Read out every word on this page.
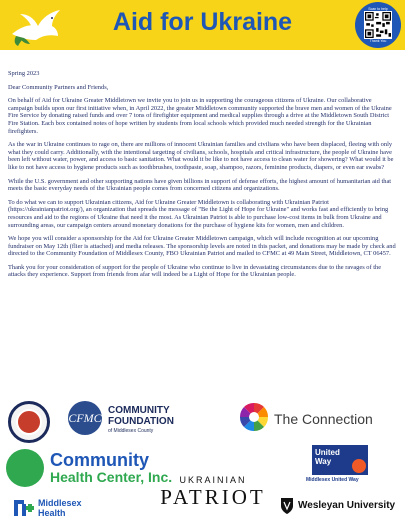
Aid for Ukraine	Scan to help
Thank You

Spring 2023

Dear Community Partners and Friends,

On behalf of Aid for Ukraine Greater Middletown we invite you to join us in supporting the courageous citizens of Ukraine. Our collaborative campaign builds upon our first initiative when, in April 2022, the greater Middletown community supported the brave men and women of the Ukraine Fire Service by donating raised funds and over 7 tons of firefighter equipment and medical supplies through a drive at the Middletown South District Fire Station. Each box contained notes of hope written by students from local schools which provided much needed strength for the Ukrainian firefighters.

As the war in Ukraine continues to rage on, there are millions of innocent Ukrainian families and civilians who have been displaced, fleeing with only what they could carry. Additionally, with the intentional targeting of civilians, schools, hospitals and critical infrastructure, the people of Ukraine have been left without water, power, and access to basic sanitation. What would it be like to not have access to clean water for showering? What would it be like to not have access to hygiene products such as toothbrushes, toothpaste, soap, shampoo, razors, feminine products, diapers, or even ear swabs?

While the U.S. government and other supporting nations have given billions in support of defense efforts, the highest amount of humanitarian aid that meets the basic everyday needs of the Ukrainian people comes from concerned citizens and organizations.

To do what we can to support Ukrainian citizens, Aid for Ukraine Greater Middletown is collaborating with Ukrainian Patriot (https://ukrainianpatriot.org/), an organization that spreads the message of "Be the Light of Hope for Ukraine" and works fast and efficiently to bring resources and aid to the regions of Ukraine that need it the most. As Ukrainian Patriot is able to purchase low-cost items in bulk from Ukraine and surrounding areas, our campaign centers around monetary donations for the purchase of hygiene kits for women, men and children.

We hope you will consider a sponsorship for the Aid for Ukraine Greater Middletown campaign, which will include recognition at our upcoming fundraiser on May 12th (flier is attached) and media releases. The sponsorship levels are noted in this packet, and donations may be made by check and directed to the Community Foundation of Middlesex County, FBO Ukrainian Patriot and mailed to CFMC at 49 Main Street, Middletown, CT 06457.

Thank you for your consideration of support for the people of Ukraine who continue to live in devastating circumstances due to the ravages of the attacks they experience. Support from friends from afar will indeed be a Light of Hope for the Ukrainian people.

CFMC COMMUNITY
FOUNDATION
of Middlesex County
The Connection
Community
Health Center, Inc.
United
Way
Middlesex United Way
Middlesex
Health
UKRAINIAN
PATRIOT	Wesleyan University
